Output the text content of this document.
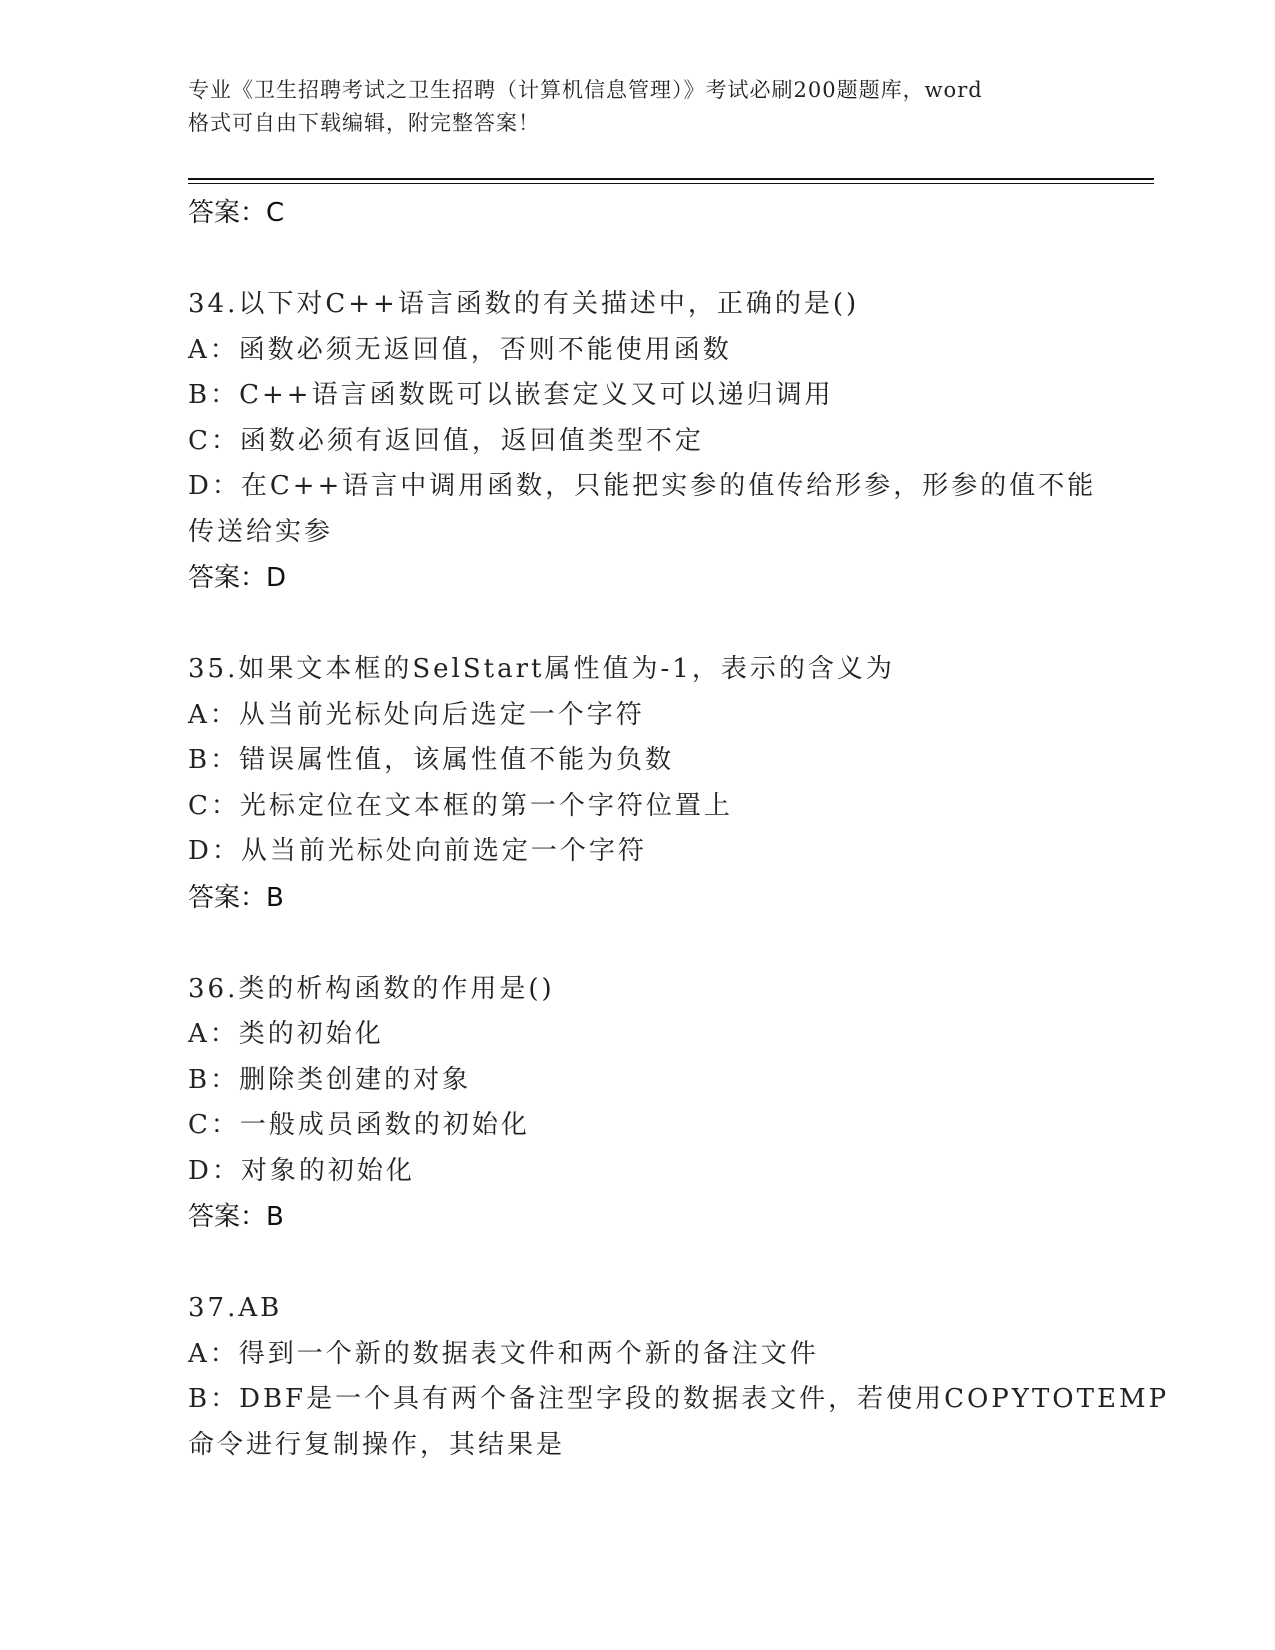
专业《卫生招聘考试之卫生招聘（计算机信息管理）》考试必刷200题题库，word
格式可自由下载编辑，附完整答案！
答案：C
34.以下对C++语言函数的有关描述中，正确的是()
A：函数必须无返回值，否则不能使用函数
B：C++语言函数既可以嵌套定义又可以递归调用
C：函数必须有返回值，返回值类型不定
D：在C++语言中调用函数，只能把实参的值传给形参，形参的值不能
传送给实参
答案：D
35.如果文本框的SelStart属性值为-1，表示的含义为
A：从当前光标处向后选定一个字符
B：错误属性值，该属性值不能为负数
C：光标定位在文本框的第一个字符位置上
D：从当前光标处向前选定一个字符
答案：B
36.类的析构函数的作用是()
A：类的初始化
B：删除类创建的对象
C：一般成员函数的初始化
D：对象的初始化
答案：B
37.AB
A：得到一个新的数据表文件和两个新的备注文件
B：DBF是一个具有两个备注型字段的数据表文件，若使用COPYTOTEMP
命令进行复制操作，其结果是
